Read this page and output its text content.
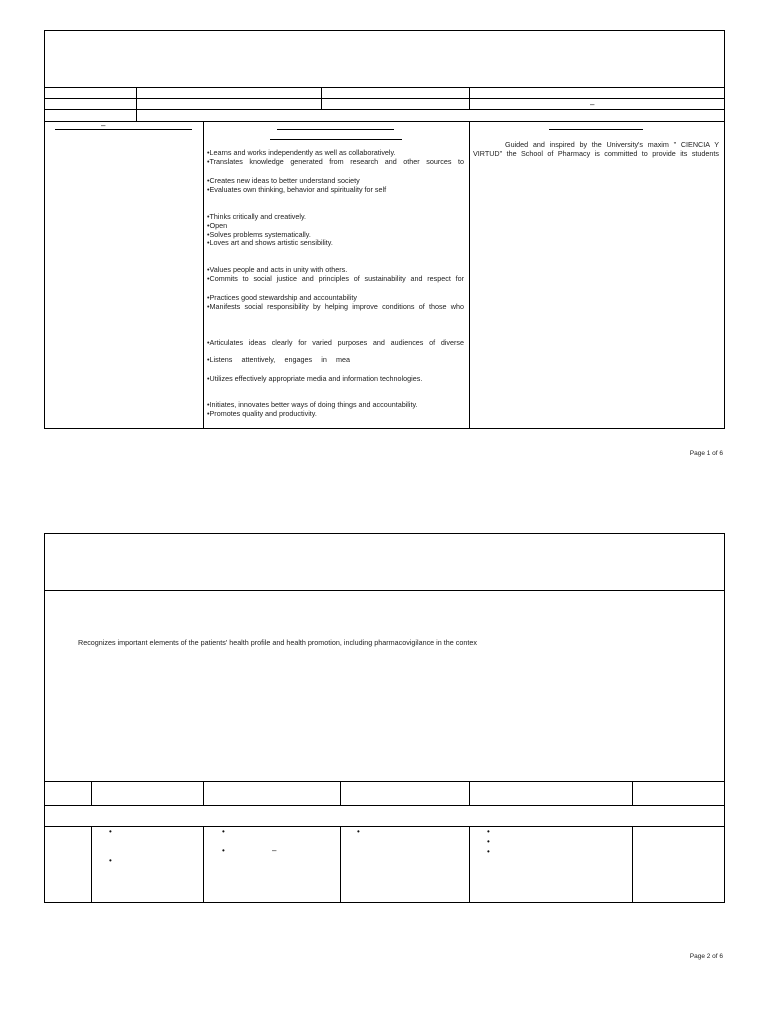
–
–
•Learns and works independently as well as collaboratively.
•Translates knowledge generated from research and other sources to
•Creates new ideas to better understand society
•Evaluates own thinking, behavior and spirituality for self
•Thinks critically and creatively.
•Open
•Solves problems systematically.
•Loves art and shows artistic sensibility.
•Values people and acts in unity with others.
•Commits to social justice and principles of sustainability and respect for
•Practices good stewardship and accountability
•Manifests social responsibility by helping improve conditions of those who
•Articulates ideas clearly for varied purposes and audiences of diverse
•Listens attentively, engages in mea
•Utilizes effectively appropriate media and information technologies.
•Initiates, innovates better ways of doing things and accountability.
•Promotes quality and productivity.
Guided and inspired by the University's maxim " CIENCIA Y
VIRTUD" the School of Pharmacy is committed to provide its students
Page 1 of 6
Recognizes important elements of the patients' health profile and health promotion, including pharmacovigilance in the contex
•
•
•
•	–
•	•
•
•
Page 2 of 6
